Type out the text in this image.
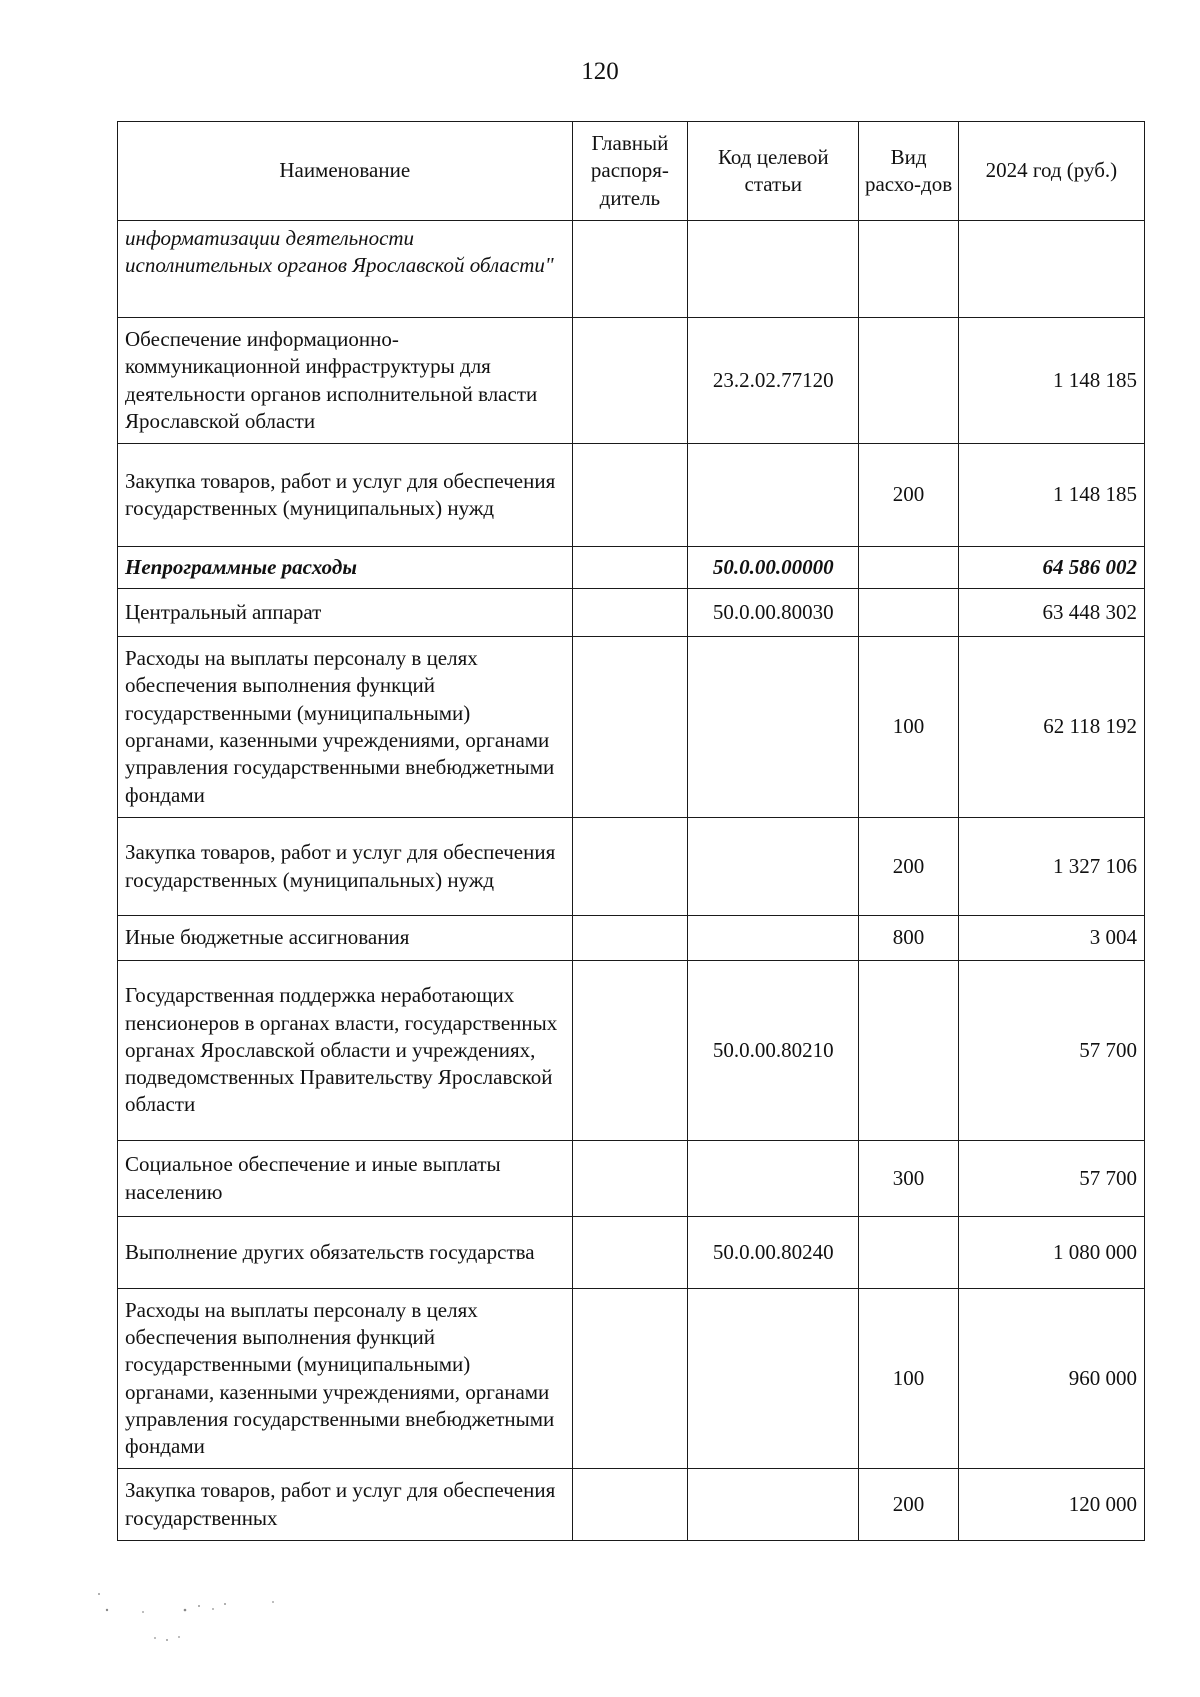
120
Наименование	Главный распоря-дитель	Код целевой статьи	Вид расхо-дов	2024 год (руб.)
информатизации деятельности исполнительных органов Ярославской области"				
Обеспечение информационно-коммуникационной инфраструктуры для деятельности органов исполнительной власти Ярославской области		23.2.02.77120		1 148 185
Закупка товаров, работ и услуг для обеспечения государственных (муниципальных) нужд			200	1 148 185
Непрограммные расходы		50.0.00.00000		64 586 002
Центральный аппарат		50.0.00.80030		63 448 302
Расходы на выплаты персоналу в целях обеспечения выполнения функций государственными (муниципальными) органами, казенными учреждениями, органами управления государственными внебюджетными фондами			100	62 118 192
Закупка товаров, работ и услуг для обеспечения государственных (муниципальных) нужд			200	1 327 106
Иные бюджетные ассигнования			800	3 004
Государственная поддержка неработающих пенсионеров в органах власти, государственных органах Ярославской области и учреждениях, подведомственных Правительству Ярославской области		50.0.00.80210		57 700
Социальное обеспечение и иные выплаты населению			300	57 700
Выполнение других обязательств государства		50.0.00.80240		1 080 000
Расходы на выплаты персоналу в целях обеспечения выполнения функций государственными (муниципальными) органами, казенными учреждениями, органами управления государственными внебюджетными фондами			100	960 000
Закупка товаров, работ и услуг для обеспечения государственных			200	120 000
